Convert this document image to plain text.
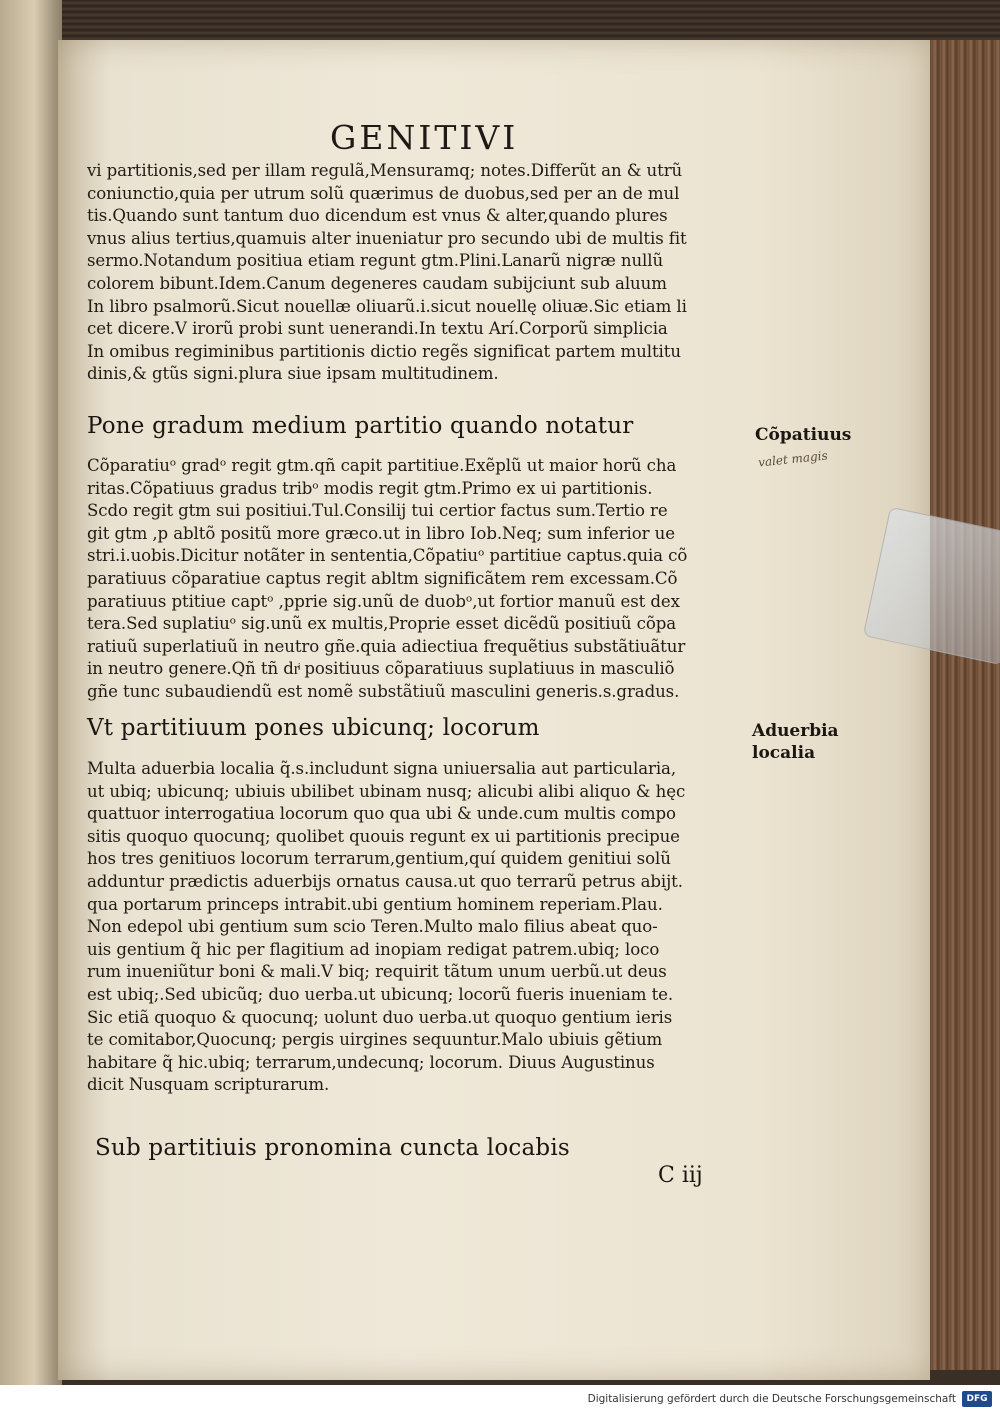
GENITIVI
vi partitionis,sed per illam regulã,Mensuramq; notes.Differũt an & utrũ
coniunctio,quia per utrum solũ quærimus de duobus,sed per an de mul
tis.Quando sunt tantum duo dicendum est vnus & alter,quando plures
vnus alius tertius,quamuis alter inueniatur pro secundo ubi de multis fit
sermo.Notandum positiua etiam regunt gtm.Plini.Lanarũ nigræ nullũ
colorem bibunt.Idem.Canum degeneres caudam subijciunt sub aluum
In libro psalmorũ.Sicut nouellæ oliuarũ.i.sicut nouellę oliuæ.Sic etiam li
cet dicere.V irorũ probi sunt uenerandi.In textu Arí.Corporũ simplicia
In omibus regiminibus partitionis dictio regẽs significat partem multitu
dinis,& gtũs signi.plura siue ipsam multitudinem.
Pone gradum medium partitio quando notatur	Cõpatiuus
valet magis
Cõparatiuᵒ gradᵒ regit gtm.qñ capit partitiue.Exẽplũ ut maior horũ cha
ritas.Cõpatiuus gradus tribᵒ modis regit gtm.Primo ex ui partitionis.
Scdo regit gtm sui positiui.Tul.Consilij tui certior factus sum.Tertio re
git gtm ,p abltõ positũ more græco.ut in libro Iob.Neq; sum inferior ue
stri.i.uobis.Dicitur notãter in sententia,Cõpatiuᵒ partitiue captus.quia cõ
paratiuus cõparatiue captus regit abltm significãtem rem excessam.Cõ
paratiuus ptitiue captᵒ ,pprie sig.unũ de duobᵒ,ut fortior manuũ est dex
tera.Sed suplatiuᵒ sig.unũ ex multis,Proprie esset dicẽdũ positiuũ cõpa
ratiuũ superlatiuũ in neutro gñe.quia adiectiua frequẽtius substãtiuãtur
in neutro genere.Qñ tñ drͥ positiuus cõparatiuus suplatiuus in masculiõ
gñe tunc subaudiendũ est nomẽ substãtiuũ masculini generis.s.gradus.
Vt partitiuum pones ubicunq; locorum	Aduerbia
localia
Multa aduerbia localia q̃.s.includunt signa uniuersalia aut particularia,
ut ubiq; ubicunq; ubiuis ubilibet ubinam nusq; alicubi alibi aliquo & hęc
quattuor interrogatiua locorum quo qua ubi & unde.cum multis compo
sitis quoquo quocunq; quolibet quouis regunt ex ui partitionis precipue
hos tres genitiuos locorum terrarum,gentium,quí quidem genitiui solũ
adduntur prædictis aduerbijs ornatus causa.ut quo terrarũ petrus abijt.
qua portarum princeps intrabit.ubi gentium hominem reperiam.Plau.
Non edepol ubi gentium sum scio Teren.Multo malo filius abeat quo-
uis gentium q̃ hic per flagitium ad inopiam redigat patrem.ubiq; loco
rum inueniũtur boni & mali.V biq; requirit tãtum unum uerbũ.ut deus
est ubiq;.Sed ubicũq; duo uerba.ut ubicunq; locorũ fueris inueniam te.
Sic etiã quoquo & quocunq; uolunt duo uerba.ut quoquo gentium ieris
te comitabor,Quocunq; pergis uirgines sequuntur.Malo ubiuis gẽtium
habitare q̃ hic.ubiq; terrarum,undecunq; locorum. Diuus Augustinus
dicit Nusquam scripturarum.
Sub partitiuis pronomina cuncta locabis
C iij
Digitalisierung gefördert durch die Deutsche Forschungsgemeinschaft	DFG
